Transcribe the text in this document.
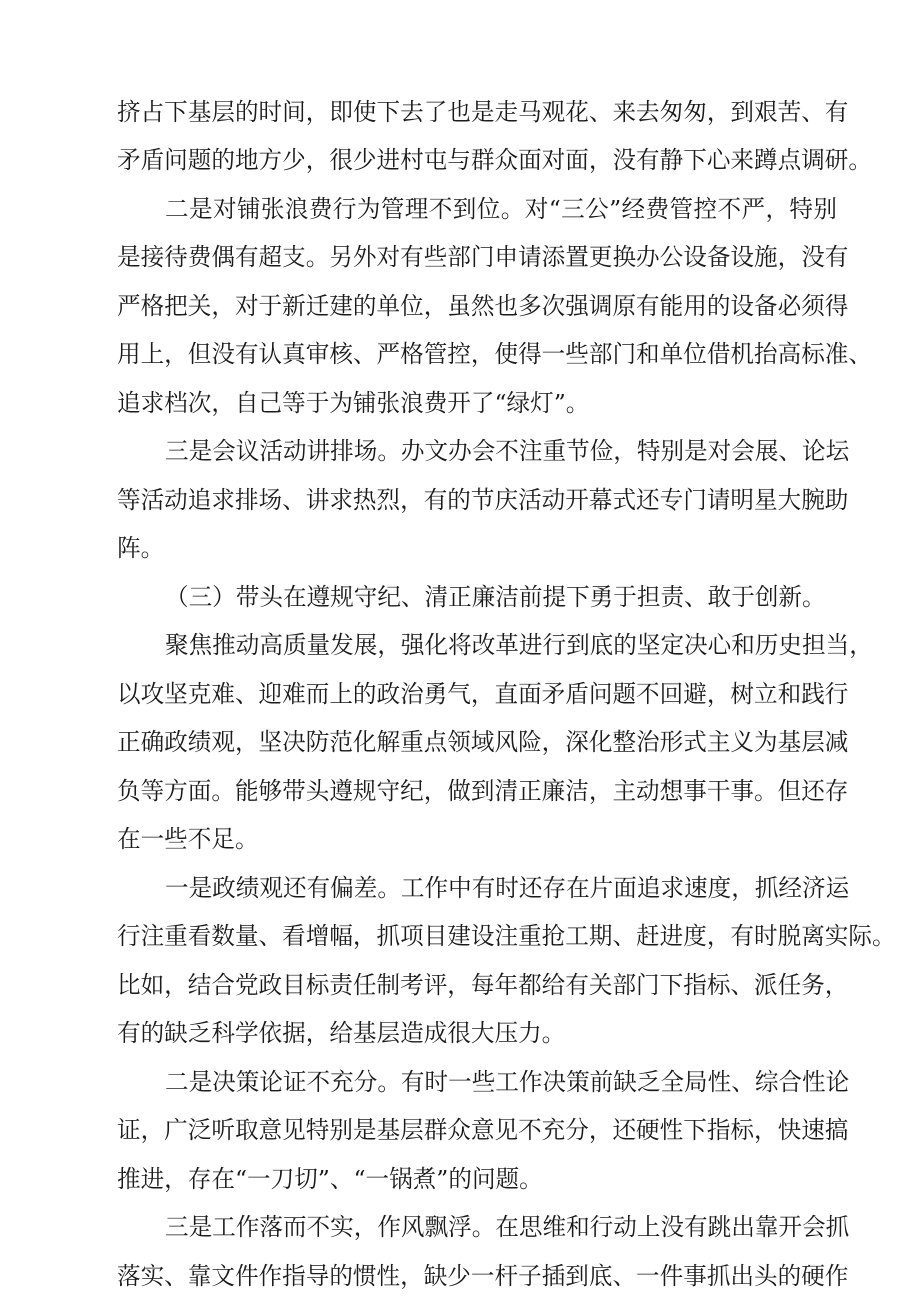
挤占下基层的时间，即使下去了也是走马观花、来去匆匆，到艰苦、有
矛盾问题的地方少，很少进村屯与群众面对面，没有静下心来蹲点调研。
二是对铺张浪费行为管理不到位。对“三公”经费管控不严，特别
是接待费偶有超支。另外对有些部门申请添置更换办公设备设施，没有
严格把关，对于新迁建的单位，虽然也多次强调原有能用的设备必须得
用上，但没有认真审核、严格管控，使得一些部门和单位借机抬高标准、
追求档次，自己等于为铺张浪费开了“绿灯”。
三是会议活动讲排场。办文办会不注重节俭，特别是对会展、论坛
等活动追求排场、讲求热烈，有的节庆活动开幕式还专门请明星大腕助
阵。
（三）带头在遵规守纪、清正廉洁前提下勇于担责、敢于创新。
聚焦推动高质量发展，强化将改革进行到底的坚定决心和历史担当，
以攻坚克难、迎难而上的政治勇气，直面矛盾问题不回避，树立和践行
正确政绩观，坚决防范化解重点领域风险，深化整治形式主义为基层减
负等方面。能够带头遵规守纪，做到清正廉洁，主动想事干事。但还存
在一些不足。
一是政绩观还有偏差。工作中有时还存在片面追求速度，抓经济运
行注重看数量、看增幅，抓项目建设注重抢工期、赶进度，有时脱离实际。
比如，结合党政目标责任制考评，每年都给有关部门下指标、派任务，
有的缺乏科学依据，给基层造成很大压力。
二是决策论证不充分。有时一些工作决策前缺乏全局性、综合性论
证，广泛听取意见特别是基层群众意见不充分，还硬性下指标，快速搞
推进，存在“一刀切”、“一锅煮”的问题。
三是工作落而不实，作风飘浮。在思维和行动上没有跳出靠开会抓
落实、靠文件作指导的惯性，缺少一杆子插到底、一件事抓出头的硬作
